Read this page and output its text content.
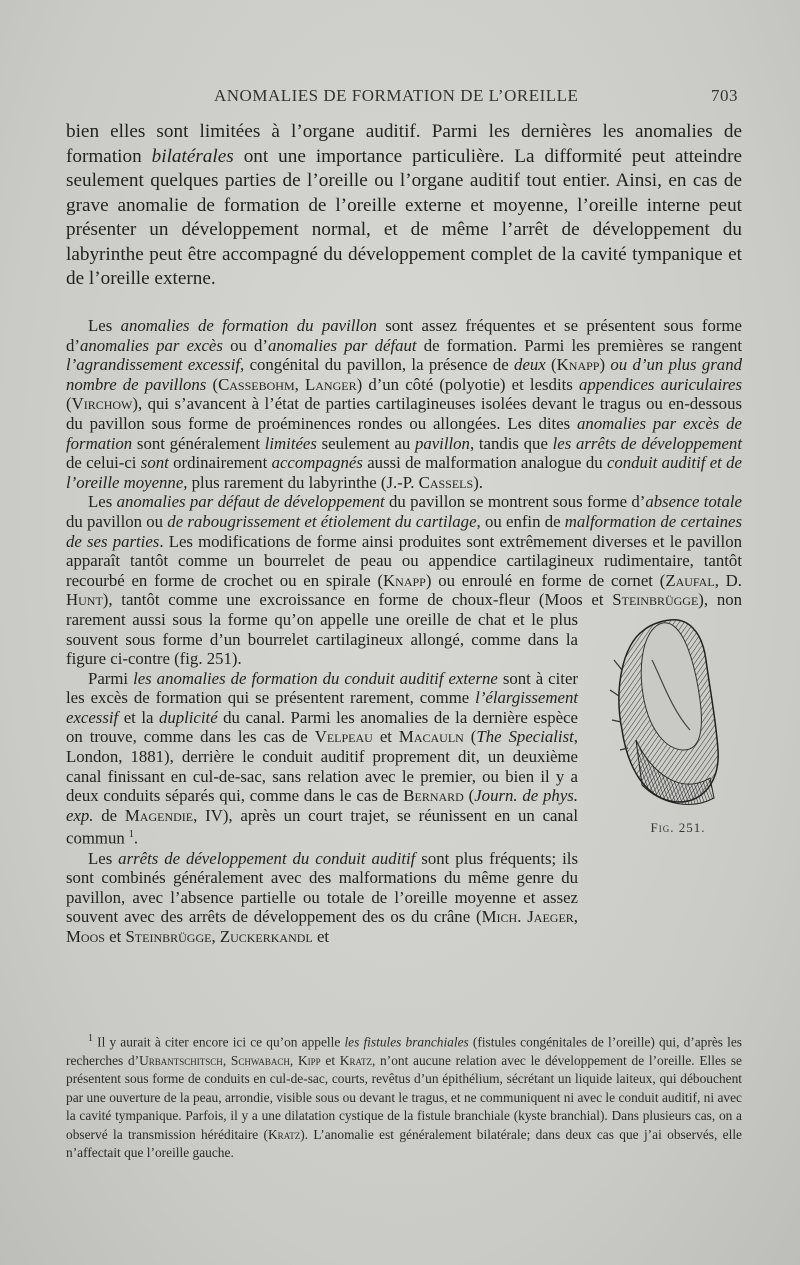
ANOMALIES DE FORMATION DE L’OREILLE	703

bien elles sont limitées à l’organe auditif. Parmi les dernières les anomalies de formation bilatérales ont une importance particulière. La difformité peut atteindre seulement quelques parties de l’oreille ou l’organe auditif tout entier. Ainsi, en cas de grave anomalie de formation de l’oreille externe et moyenne, l’oreille interne peut présenter un développement normal, et de même l’arrêt de développement du labyrinthe peut être accompagné du développement complet de la cavité tympanique et de l’oreille externe.

Les anomalies de formation du pavillon sont assez fréquentes et se présentent sous forme d’anomalies par excès ou d’anomalies par défaut de formation. Parmi les premières se rangent l’agrandissement excessif, congénital du pavillon, la présence de deux (Knapp) ou d’un plus grand nombre de pavillons (Cassebohm, Langer) d’un côté (polyotie) et lesdits appendices auriculaires (Virchow), qui s’avancent à l’état de parties cartilagineuses isolées devant le tragus ou en-dessous du pavillon sous forme de proéminences rondes ou allongées. Les dites anomalies par excès de formation sont généralement limitées seulement au pavillon, tandis que les arrêts de développement de celui-ci sont ordinairement accompagnés aussi de malformation analogue du conduit auditif et de l’oreille moyenne, plus rarement du labyrinthe (J.-P. Cassels).

Les anomalies par défaut de développement du pavillon se montrent sous forme d’absence totale du pavillon ou de rabougrissement et étiolement du cartilage, ou enfin de malformation de certaines de ses parties. Les modifications de forme ainsi produites sont extrêmement diverses et le pavillon apparaît tantôt comme un bourrelet de peau ou appendice cartilagineux rudimentaire, tantôt recourbé en forme de crochet ou en spirale (Knapp) ou enroulé en forme de cornet (Zaufal, D. Hunt), tantôt comme une excroissance en forme de choux-fleur (Moos et
Fig. 251.
Steinbrügge), non rarement aussi sous la forme qu’on appelle une oreille de chat et le plus souvent sous forme d’un bourrelet cartilagineux allongé, comme dans la figure ci-contre (fig. 251).

Parmi les anomalies de formation du conduit auditif externe sont à citer les excès de formation qui se présentent rarement, comme l’élargissement excessif et la duplicité du canal. Parmi les anomalies de la dernière espèce on trouve, comme dans les cas de Velpeau et Macauln (The Specialist, London, 1881), derrière le conduit auditif proprement dit, un deuxième canal finissant en cul-de-sac, sans relation avec le premier, ou bien il y a deux conduits séparés qui, comme dans le cas de Bernard (Journ. de phys. exp. de Magendie, IV), après un court trajet, se réunissent en un canal commun $^1$.

Les arrêts de développement du conduit auditif sont plus fréquents; ils sont combinés généralement avec des malformations du même genre du pavillon, avec l’absence partielle ou totale de l’oreille moyenne et assez souvent avec des arrêts de développement des os du crâne (Mich. Jaeger, Moos et Steinbrügge, Zuckerkandl et

$^1$ Il y aurait à citer encore ici ce qu’on appelle les fistules branchiales (fistules congénitales de l’oreille) qui, d’après les recherches d’Urbantschitsch, Schwabach, Kipp et Kratz, n’ont aucune relation avec le développement de l’oreille. Elles se présentent sous forme de conduits en cul-de-sac, courts, revêtus d’un épithélium, sécrétant un liquide laiteux, qui débouchent par une ouverture de la peau, arrondie, visible sous ou devant le tragus, et ne communiquent ni avec le conduit auditif, ni avec la cavité tympanique. Parfois, il y a une dilatation cystique de la fistule branchiale (kyste branchial). Dans plusieurs cas, on a observé la transmission héréditaire (Kratz). L’anomalie est généralement bilatérale; dans deux cas que j’ai observés, elle n’affectait que l’oreille gauche.
